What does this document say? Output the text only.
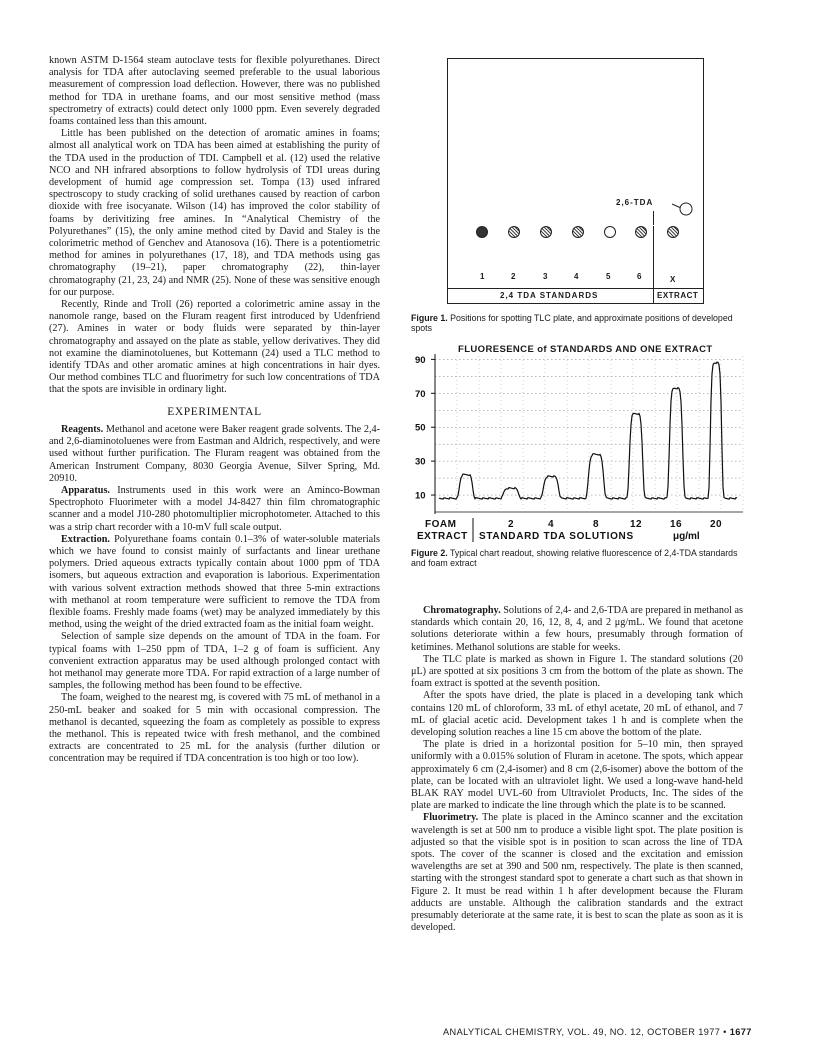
known ASTM D-1564 steam autoclave tests for flexible polyurethanes. Direct analysis for TDA after autoclaving seemed preferable to the usual laborious measurement of compression load deflection. However, there was no published method for TDA in urethane foams, and our most sensitive method (mass spectrometry of extracts) could detect only 1000 ppm. Even severely degraded foams contained less than this amount.

Little has been published on the detection of aromatic amines in foams; almost all analytical work on TDA has been aimed at establishing the purity of the TDA used in the production of TDI. Campbell et al. (12) used the relative NCO and NH infrared absorptions to follow hydrolysis of TDI ureas during development of humid age compression set. Tompa (13) used infrared spectroscopy to study cracking of solid urethanes caused by reaction of carbon dioxide with free isocyanate. Wilson (14) has improved the color stability of foams by derivitizing free amines. In “Analytical Chemistry of the Polyurethanes” (15), the only amine method cited by David and Staley is the colorimetric method of Genchev and Atanosova (16). There is a potentiometric method for amines in polyurethanes (17, 18), and TDA methods using gas chromatography (19–21), paper chromatography (22), thin-layer chromatography (21, 23, 24) and NMR (25). None of these was sensitive enough for our purpose.

Recently, Rinde and Troll (26) reported a colorimetric amine assay in the nanomole range, based on the Fluram reagent first introduced by Udenfriend (27). Amines in water or body fluids were separated by thin-layer chromatography and assayed on the plate as stable, yellow derivatives. They did not examine the diaminotoluenes, but Kottemann (24) used a TLC method to identify TDAs and other aromatic amines at high concentrations in hair dyes. Our method combines TLC and fluorimetry for such low concentrations of TDA that the spots are invisible in ordinary light.

EXPERIMENTAL

Reagents. Methanol and acetone were Baker reagent grade solvents. The 2,4- and 2,6-diaminotoluenes were from Eastman and Aldrich, respectively, and were used without further purification. The Fluram reagent was obtained from the American Instrument Company, 8030 Georgia Avenue, Silver Spring, Md. 20910.

Apparatus. Instruments used in this work were an Aminco-Bowman Spectrophoto Fluorimeter with a model J4-8427 thin film chromatographic scanner and a model J10-280 photomultiplier microphotometer. Attached to this was a strip chart recorder with a 10-mV full scale output.

Extraction. Polyurethane foams contain 0.1–3% of water-soluble materials which we have found to consist mainly of surfactants and linear urethane polymers. Dried aqueous extracts typically contain about 1000 ppm of TDA isomers, but aqueous extraction and evaporation is laborious. Experimentation with various solvent extraction methods showed that three 5-min extractions with methanol at room temperature were sufficient to remove the TDA from flexible foams. Freshly made foams (wet) may be analyzed immediately by this method, using the weight of the dried extracted foam as the initial foam weight.

Selection of sample size depends on the amount of TDA in the foam. For typical foams with 1–250 ppm of TDA, 1–2 g of foam is sufficient. Any convenient extraction apparatus may be used although prolonged contact with hot methanol may generate more TDA. For rapid extraction of a large number of samples, the following method has been found to be effective.

The foam, weighed to the nearest mg, is covered with 75 mL of methanol in a 250-mL beaker and soaked for 5 min with occasional compression. The methanol is decanted, squeezing the foam as completely as possible to express the methanol. This is repeated twice with fresh methanol, and the combined extracts are concentrated to 25 mL for the analysis (further dilution or concentration may be required if TDA concentration is too high or too low).

2,6-TDA
1	2	3	4	5	6	X
2,4 TDA STANDARDS	EXTRACT
Figure 1. Positions for spotting TLC plate, and approximate positions of developed spots
FLUORESENCE of STANDARDS AND ONE EXTRACT
90
70
50
30
10
FOAM	2	4	8	12	16	20
EXTRACT STANDARD TDA SOLUTIONS	μg/ml
Figure 2. Typical chart readout, showing relative fluorescence of 2,4-TDA standards and foam extract

Chromatography. Solutions of 2,4- and 2,6-TDA are prepared in methanol as standards which contain 20, 16, 12, 8, 4, and 2 μg/mL. We found that acetone solutions deteriorate within a few hours, presumably through formation of ketimines. Methanol solutions are stable for weeks.

The TLC plate is marked as shown in Figure 1. The standard solutions (20 μL) are spotted at six positions 3 cm from the bottom of the plate as shown. The foam extract is spotted at the seventh position.

After the spots have dried, the plate is placed in a developing tank which contains 120 mL of chloroform, 33 mL of ethyl acetate, 20 mL of ethanol, and 7 mL of glacial acetic acid. Development takes 1 h and is complete when the developing solution reaches a line 15 cm above the bottom of the plate.

The plate is dried in a horizontal position for 5–10 min, then sprayed uniformly with a 0.015% solution of Fluram in acetone. The spots, which appear approximately 6 cm (2,4-isomer) and 8 cm (2,6-isomer) above the bottom of the plate, can be located with an ultraviolet light. We used a long-wave hand-held BLAK RAY model UVL-60 from Ultraviolet Products, Inc. The sides of the plate are marked to indicate the line through which the plate is to be scanned.

Fluorimetry. The plate is placed in the Aminco scanner and the excitation wavelength is set at 500 nm to produce a visible light spot. The plate position is adjusted so that the visible spot is in position to scan across the line of TDA spots. The cover of the scanner is closed and the excitation and emission wavelengths are set at 390 and 500 nm, respectively. The plate is then scanned, starting with the strongest standard spot to generate a chart such as that shown in Figure 2. It must be read within 1 h after development because the Fluram adducts are unstable. Although the calibration standards and the extract presumably deteriorate at the same rate, it is best to scan the plate as soon as it is developed.

ANALYTICAL CHEMISTRY, VOL. 49, NO. 12, OCTOBER 1977 • 1677
